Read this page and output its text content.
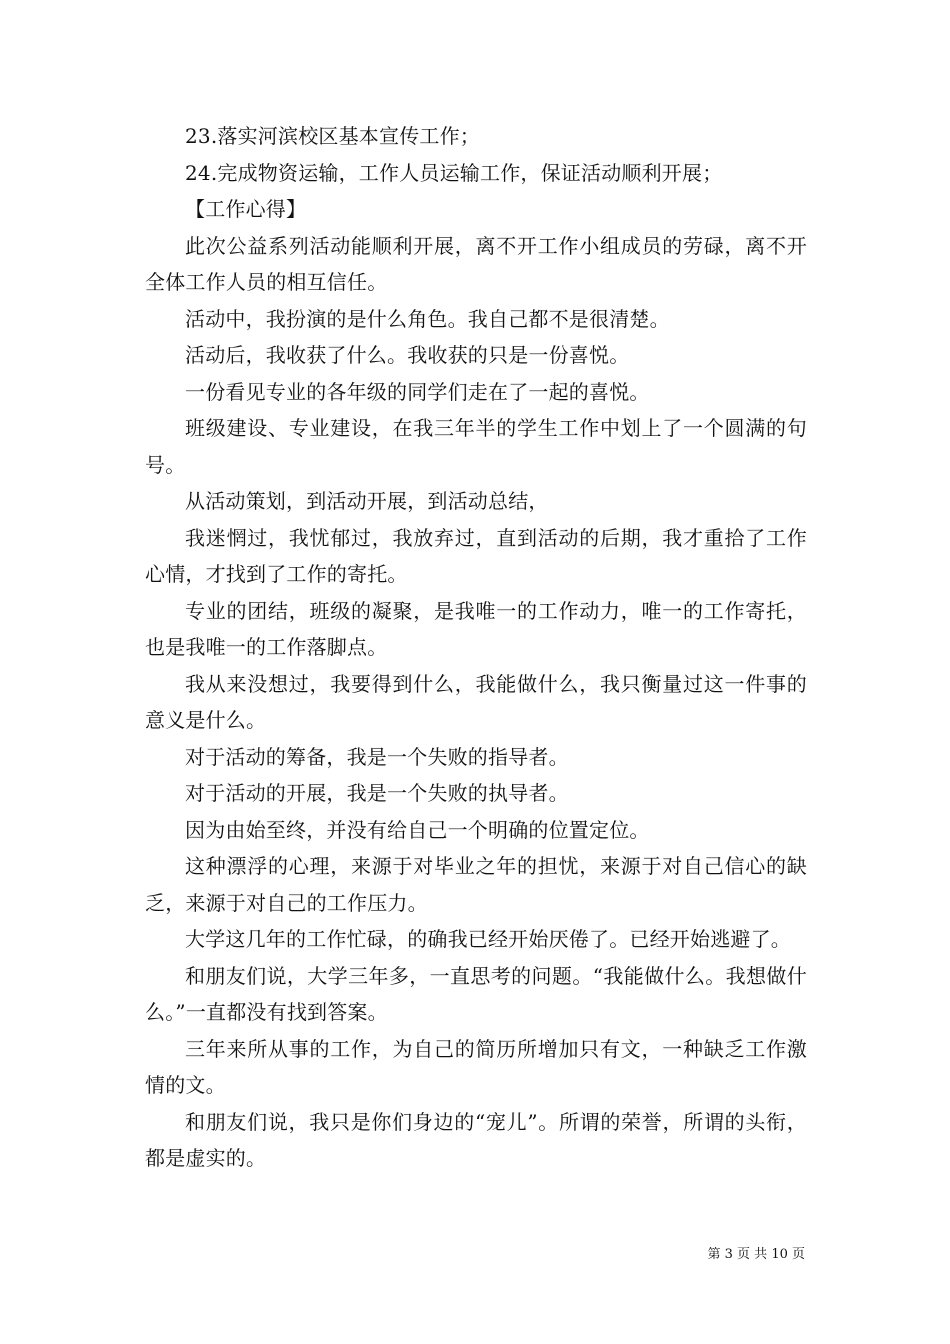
23.落实河滨校区基本宣传工作；

24.完成物资运输，工作人员运输工作，保证活动顺利开展；

【工作心得】

此次公益系列活动能顺利开展，离不开工作小组成员的劳碌，离不开全体工作人员的相互信任。

活动中，我扮演的是什么角色。我自己都不是很清楚。

活动后，我收获了什么。我收获的只是一份喜悦。

一份看见专业的各年级的同学们走在了一起的喜悦。

班级建设、专业建设，在我三年半的学生工作中划上了一个圆满的句号。

从活动策划，到活动开展，到活动总结，

我迷惘过，我忧郁过，我放弃过，直到活动的后期，我才重拾了工作心情，才找到了工作的寄托。

专业的团结，班级的凝聚，是我唯一的工作动力，唯一的工作寄托，也是我唯一的工作落脚点。

我从来没想过，我要得到什么，我能做什么，我只衡量过这一件事的意义是什么。

对于活动的筹备，我是一个失败的指导者。

对于活动的开展，我是一个失败的执导者。

因为由始至终，并没有给自己一个明确的位置定位。

这种漂浮的心理，来源于对毕业之年的担忧，来源于对自己信心的缺乏，来源于对自己的工作压力。

大学这几年的工作忙碌，的确我已经开始厌倦了。已经开始逃避了。

和朋友们说，大学三年多，一直思考的问题。“我能做什么。我想做什么。”一直都没有找到答案。

三年来所从事的工作，为自己的简历所增加只有文，一种缺乏工作激情的文。

和朋友们说，我只是你们身边的“宠儿”。所谓的荣誉，所谓的头衔，都是虚实的。

第 3 页 共 10 页
